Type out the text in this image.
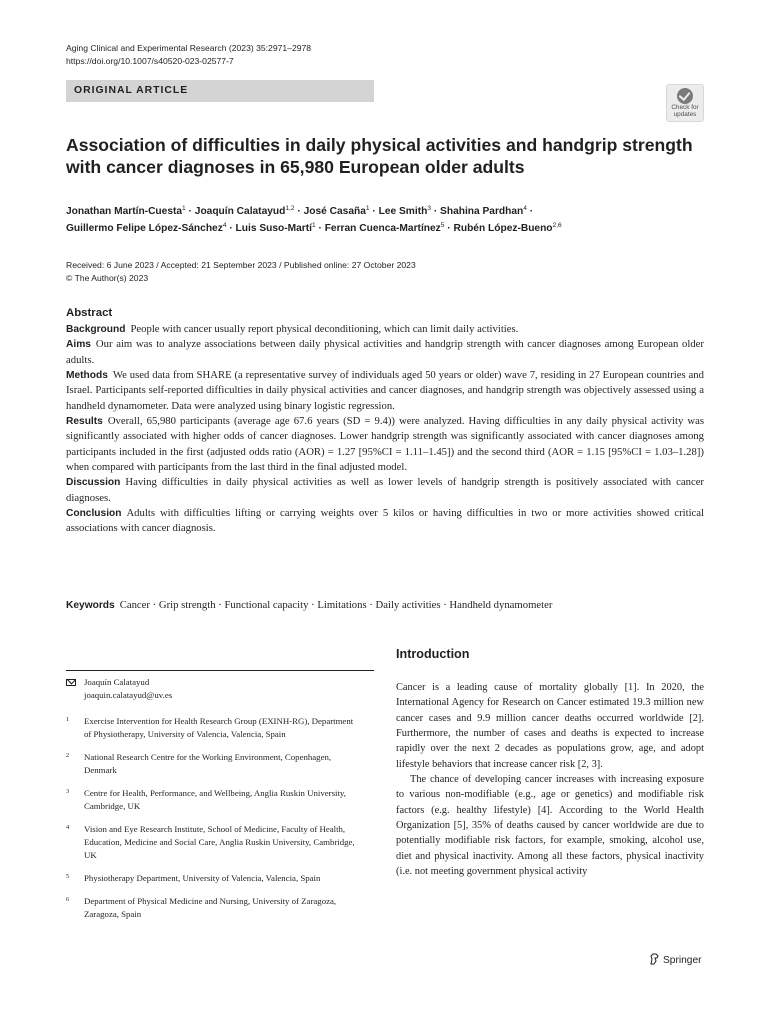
Aging Clinical and Experimental Research (2023) 35:2971–2978
https://doi.org/10.1007/s40520-023-02577-7
ORIGINAL ARTICLE
Check for
updates
Association of difficulties in daily physical activities and handgrip strength with cancer diagnoses in 65,980 European older adults

Jonathan Martín‑Cuesta$^1$ · Joaquín Calatayud$^{1,2}$ · José Casaña$^1$ · Lee Smith$^3$ · Shahina Pardhan$^4$ ·
Guillermo Felipe López‑Sánchez$^4$ · Luis Suso‑Martí$^1$ · Ferran Cuenca‑Martínez$^5$ · Rubén López‑Bueno$^{2,6}$

Received: 6 June 2023 / Accepted: 21 September 2023 / Published online: 27 October 2023
© The Author(s) 2023
Abstract

Background People with cancer usually report physical deconditioning, which can limit daily activities.

Aims Our aim was to analyze associations between daily physical activities and handgrip strength with cancer diagnoses among European older adults.

Methods We used data from SHARE (a representative survey of individuals aged 50 years or older) wave 7, residing in 27 European countries and Israel. Participants self-reported difficulties in daily physical activities and cancer diagnoses, and handgrip strength was objectively assessed using a handheld dynamometer. Data were analyzed using binary logistic regression.

Results Overall, 65,980 participants (average age 67.6 years (SD = 9.4)) were analyzed. Having difficulties in any daily physical activity was significantly associated with higher odds of cancer diagnoses. Lower handgrip strength was significantly associated with cancer diagnoses among participants included in the first (adjusted odds ratio (AOR) = 1.27 [95%CI = 1.11–1.45]) and the second third (AOR = 1.15 [95%CI = 1.03–1.28]) when compared with participants from the last third in the final adjusted model.

Discussion Having difficulties in daily physical activities as well as lower levels of handgrip strength is positively associated with cancer diagnoses.

Conclusion Adults with difficulties lifting or carrying weights over 5 kilos or having difficulties in two or more activities showed critical associations with cancer diagnosis.

Keywords Cancer · Grip strength · Functional capacity · Limitations · Daily activities · Handheld dynamometer

Joaquín Calatayud
joaquin.calatayud@uv.es
1 Exercise Intervention for Health Research Group (EXINH-RG), Department of Physiotherapy, University of Valencia, Valencia, Spain
2 National Research Centre for the Working Environment, Copenhagen, Denmark
3 Centre for Health, Performance, and Wellbeing, Anglia Ruskin University, Cambridge, UK
4 Vision and Eye Research Institute, School of Medicine, Faculty of Health, Education, Medicine and Social Care, Anglia Ruskin University, Cambridge, UK
5 Physiotherapy Department, University of Valencia, Valencia, Spain
6 Department of Physical Medicine and Nursing, University of Zaragoza, Zaragoza, Spain
Introduction

Cancer is a leading cause of mortality globally [1]. In 2020, the International Agency for Research on Cancer estimated 19.3 million new cancer cases and 9.9 million cancer deaths occurred worldwide [2]. Furthermore, the number of cases and deaths is expected to increase rapidly over the next 2 decades as populations grow, age, and adopt lifestyle behaviors that increase cancer risk [2, 3].

The chance of developing cancer increases with increasing exposure to various non-modifiable (e.g., age or genetics) and modifiable risk factors (e.g. healthy lifestyle) [4]. According to the World Health Organization [5], 35% of deaths caused by cancer worldwide are due to potentially modifiable risk factors, for example, smoking, alcohol use, diet and physical inactivity. Among all these factors, physical inactivity (i.e. not meeting government physical activity

Springer
